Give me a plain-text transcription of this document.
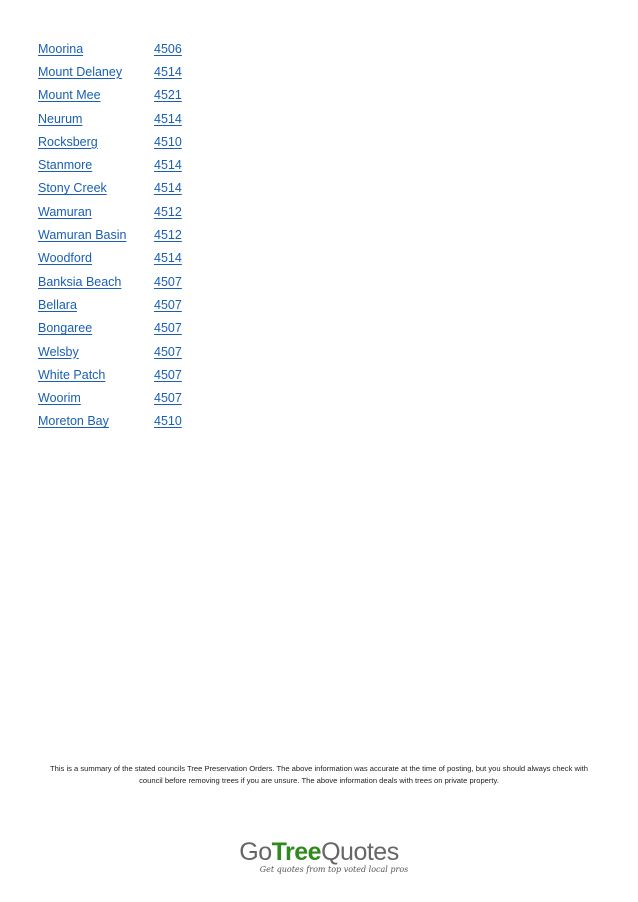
Moorina	4506
Mount Delaney	4514
Mount Mee	4521
Neurum	4514
Rocksberg	4510
Stanmore	4514
Stony Creek	4514
Wamuran	4512
Wamuran Basin	4512
Woodford	4514
Banksia Beach	4507
Bellara	4507
Bongaree	4507
Welsby	4507
White Patch	4507
Woorim	4507
Moreton Bay	4510
This is a summary of the stated councils Tree Preservation Orders. The above information was accurate at the time of posting, but you should always check with
council before removing trees if you are unsure. The above information deals with trees on private property.
GoTreeQuotes
Get quotes from top voted local pros
